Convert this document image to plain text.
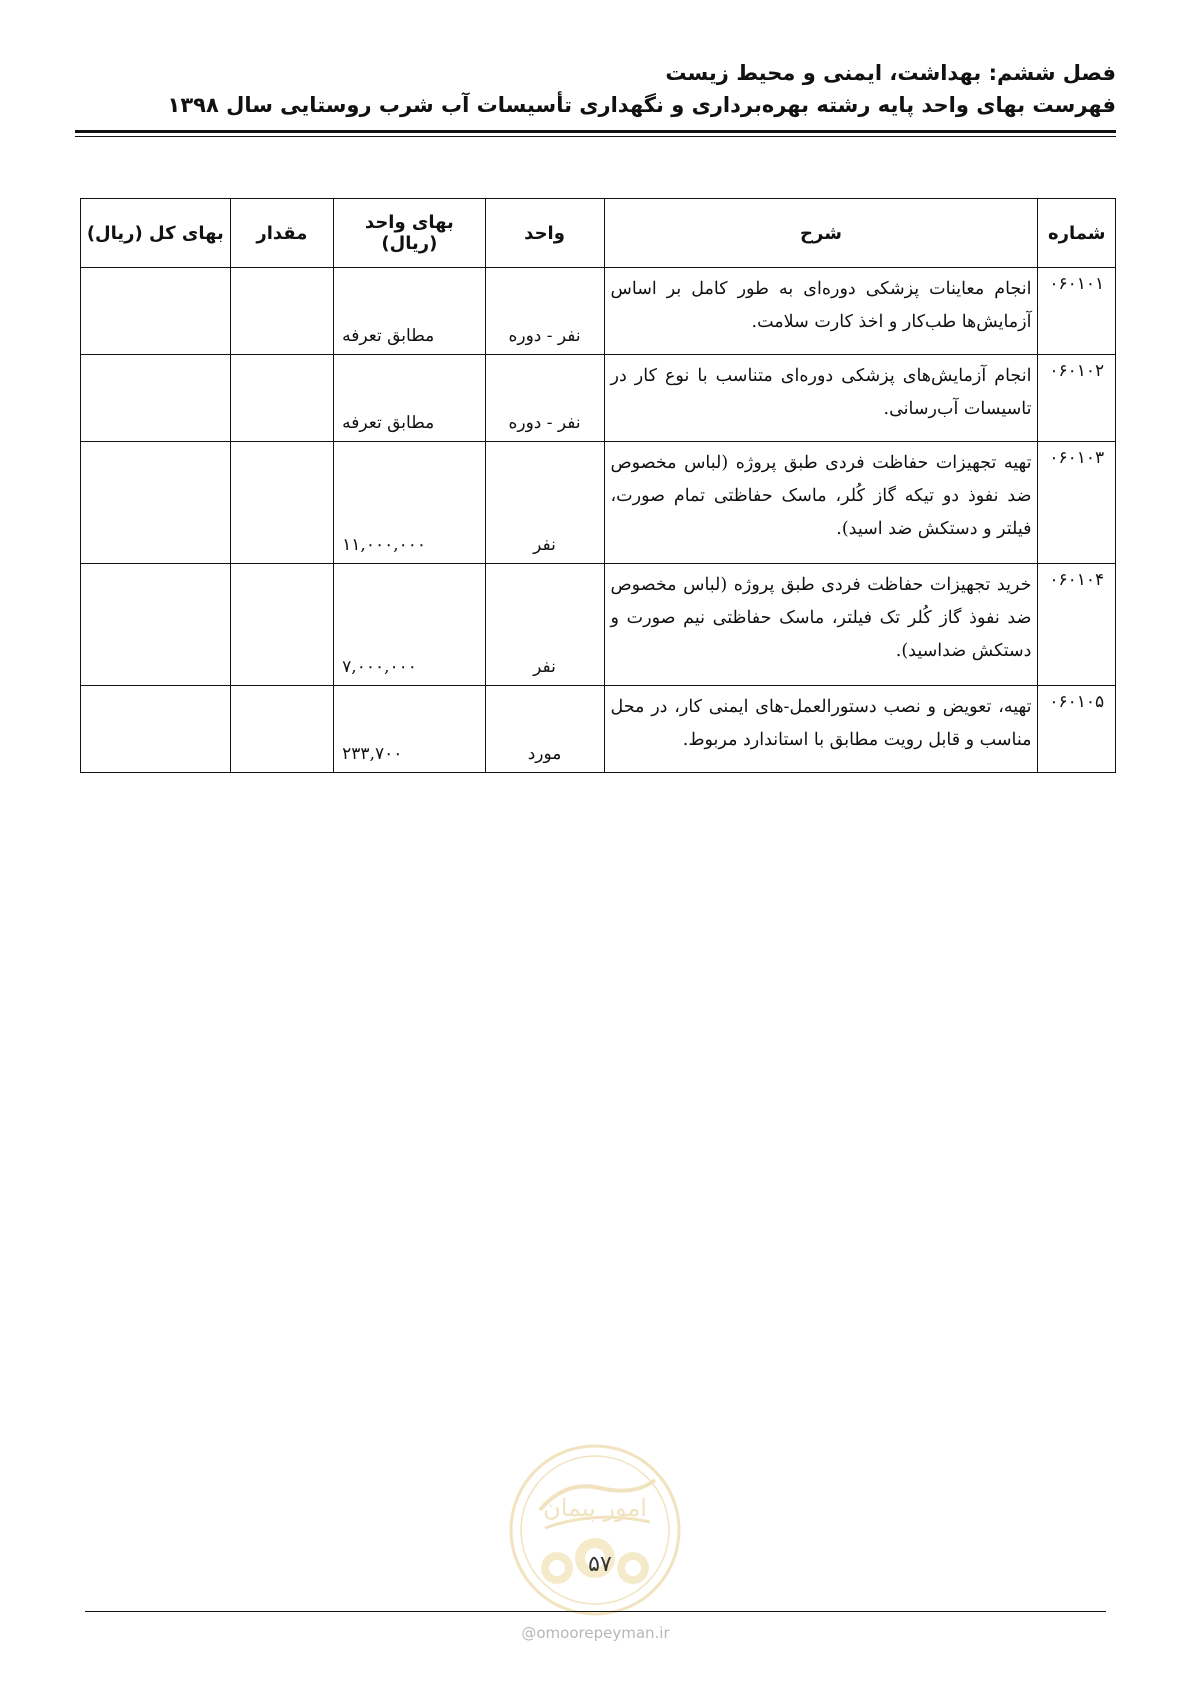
فصل ششم: بهداشت، ایمنی و محیط زیست
فهرست بهای واحد پایه رشته بهره‌برداری و نگهداری تأسیسات آب شرب روستایی سال ۱۳۹۸
شماره	شرح	واحد	بهای واحد (ریال)	مقدار	بهای کل (ریال)
۰۶۰۱۰۱	انجام معاینات پزشکی دوره‌ای به طور کامل بر اساس آزمایش‌ها طب‌کار و اخذ کارت سلامت.	نفر - دوره	مطابق تعرفه		
۰۶۰۱۰۲	انجام آزمایش‌های پزشکی دوره‌ای متناسب با نوع کار در تاسیسات آب‌رسانی.	نفر - دوره	مطابق تعرفه		
۰۶۰۱۰۳	تهیه تجهیزات حفاظت فردی طبق پروژه (لباس مخصوص ضد نفوذ دو تیکه گاز کُلر، ماسک حفاظتی تمام صورت، فیلتر و دستکش ضد اسید).	نفر	۱۱,۰۰۰,۰۰۰		
۰۶۰۱۰۴	خرید تجهیزات حفاظت فردی طبق پروژه (لباس مخصوص ضد نفوذ گاز کُلر تک فیلتر، ماسک حفاظتی نیم صورت و دستکش ضداسید).	نفر	۷,۰۰۰,۰۰۰		
۰۶۰۱۰۵	تهیه، تعویض و نصب دستورالعمل-های ایمنی کار، در محل مناسب و قابل رویت مطابق با استاندارد مربوط.	مورد	۲۳۳,۷۰۰		
امور پیمان
۵۷
@omoorepeyman.ir
